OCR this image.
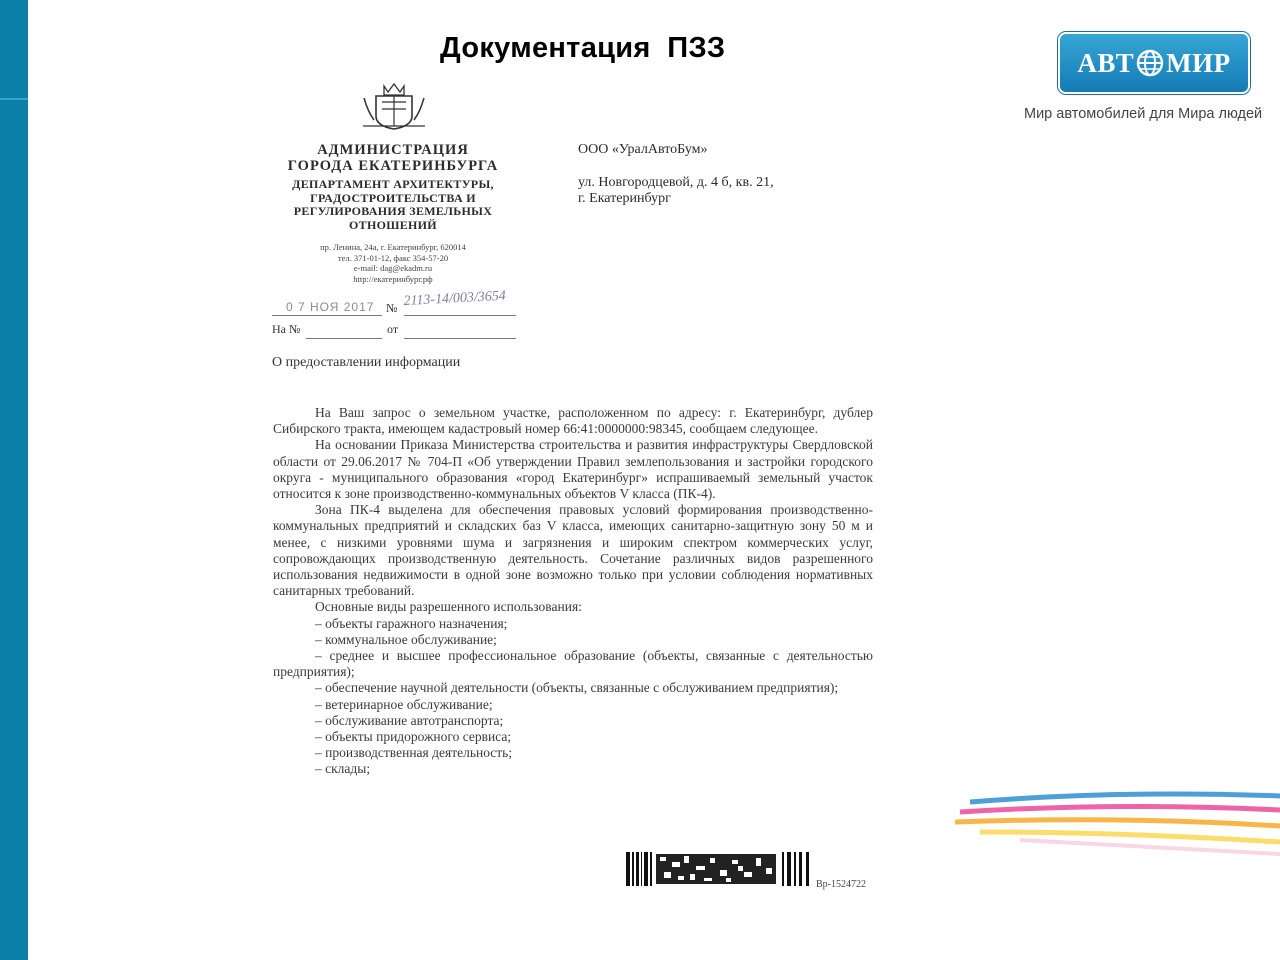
Документация  ПЗЗ	АВТ МИР
Мир автомобилей для Мира людей
АДМИНИСТРАЦИЯ
ГОРОДА ЕКАТЕРИНБУРГА
ДЕПАРТАМЕНТ АРХИТЕКТУРЫ,
ГРАДОСТРОИТЕЛЬСТВА И
РЕГУЛИРОВАНИЯ ЗЕМЕЛЬНЫХ
ОТНОШЕНИЙ
пр. Ленина, 24а, г. Екатеринбург, 620014
тел. 371-01-12, факс 354-57-20
e-mail: dag@ekadm.ru
http://екатеринбург.рф
ООО «УралАвтоБум»
ул. Новгородцевой, д. 4 б, кв. 21,
г. Екатеринбург
0 7 НОЯ 2017 № 2113-14/003/3654
На №	от
О предоставлении информации

На Ваш запрос о земельном участке, расположенном по адресу: г. Екатеринбург, дублер Сибирского тракта, имеющем кадастровый номер 66:41:0000000:98345, сообщаем следующее.

На основании Приказа Министерства строительства и развития инфраструктуры Свердловской области от 29.06.2017 № 704-П «Об утверждении Правил землепользования и застройки городского округа - муниципального образования «город Екатеринбург» испрашиваемый земельный участок относится к зоне производственно-коммунальных объектов V класса (ПК-4).

Зона ПК-4 выделена для обеспечения правовых условий формирования производственно-коммунальных предприятий и складских баз V класса, имеющих санитарно-защитную зону 50 м и менее, с низкими уровнями шума и загрязнения и широким спектром коммерческих услуг, сопровождающих производственную деятельность. Сочетание различных видов разрешенного использования недвижимости в одной зоне возможно только при условии соблюдения нормативных санитарных требований.

Основные виды разрешенного использования:

– объекты гаражного назначения;

– коммунальное обслуживание;

– среднее и высшее профессиональное образование (объекты, связанные с деятельностью предприятия);

– обеспечение научной деятельности (объекты, связанные с обслуживанием предприятия);

– ветеринарное обслуживание;

– обслуживание автотранспорта;

– объекты придорожного сервиса;

– производственная деятельность;

– склады;

Вр-1524722
